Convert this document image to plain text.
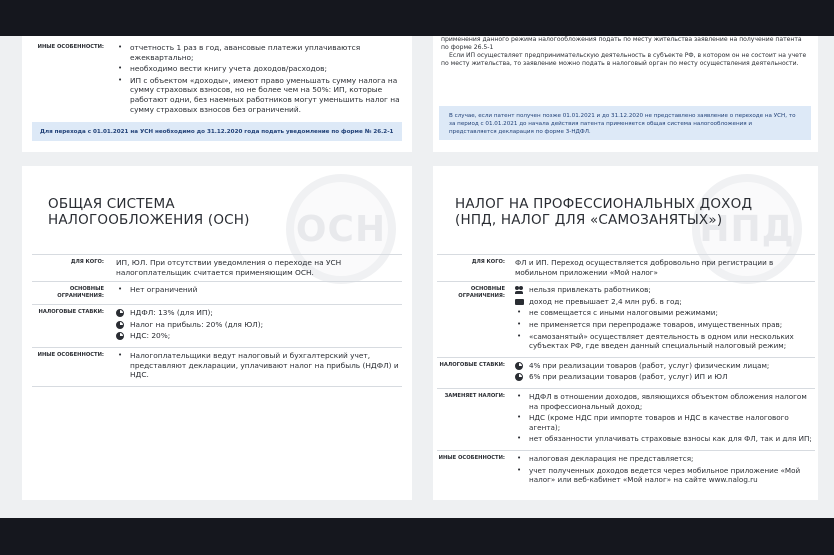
ИНЫЕ ОСОБЕННОСТИ:	• отчетность 1 раз в год, авансовые платежи уплачиваются ежеквартально;
• необходимо вести книгу учета доходов/расходов;
• ИП с объектом «доходы», имеют право уменьшать сумму налога на сумму страховых взносов, но не более чем на 50%: ИП, которые работают одни, без наемных работников могут уменьшить налог на сумму страховых взносов без ограничений.
Для перехода с 01.01.2021 на УСН необходимо до 31.12.2020 года подать уведомление по форме № 26.2-1

применения данного режима налогообложения подать по месту жительства заявление на получение патента по форме 26.5-1

Если ИП осуществляет предпринимательскую деятельность в субъекте РФ, в котором он не состоит на учете по месту жительства, то заявление можно подать в налоговый орган по месту осуществления деятельности.

В случае, если патент получен позже 01.01.2021 и до 31.12.2020 не представлено заявление о переходе на УСН, то за период с 01.01.2021 до начала действия патента применяется общая система налогообложения и представляется декларация по форме 3-НДФЛ.
ОСН
ОБЩАЯ СИСТЕМА НАЛОГООБЛОЖЕНИЯ (ОСН)
ДЛЯ КОГО:	ИП, ЮЛ. При отсутствии уведомления о переходе на УСН налогоплательщик считается применяющим ОСН.
ОСНОВНЫЕ ОГРАНИЧЕНИЯ:
• Нет ограничений
НАЛОГОВЫЕ СТАВКИ:	НДФЛ: 13% (для ИП);
Налог на прибыль: 20% (для ЮЛ);
НДС: 20%;
ИНЫЕ ОСОБЕННОСТИ:	• Налогоплательщики ведут налоговый и бухгалтерский учет, представляют декларации, уплачивают налог на прибыль (НДФЛ) и НДС.
НПД
НАЛОГ НА ПРОФЕССИОНАЛЬНЫХ ДОХОД (НПД, НАЛОГ ДЛЯ «САМОЗАНЯТЫХ»)
ДЛЯ КОГО:	ФЛ и ИП. Переход осуществляется добровольно при регистрации в мобильном приложении «Мой налог»
ОСНОВНЫЕ ОГРАНИЧЕНИЯ:
нельзя привлекать работников;
доход не превышает 2,4 млн руб. в год;
• не совмещается с иными налоговыми режимами;
• не применяется при перепродаже товаров, имущественных прав;
• «самозанятый» осуществляет деятельность в одном или нескольких субъектах РФ, где введен данный специальный налоговый режим;
НАЛОГОВЫЕ СТАВКИ:	4% при реализации товаров (работ, услуг) физическим лицам;
6% при реализации товаров (работ, услуг) ИП и ЮЛ
ЗАМЕНЯЕТ НАЛОГИ:	• НДФЛ в отношении доходов, являющихся объектом обложения налогом на профессиональный доход;
• НДС (кроме НДС при импорте товаров и НДС в качестве налогового агента);
• нет обязанности уплачивать страховые взносы как для ФЛ, так и для ИП;
ИНЫЕ ОСОБЕННОСТИ:	• налоговая декларация не представляется;
• учет полученных доходов ведется через мобильное приложение «Мой налог» или веб-кабинет «Мой налог» на сайте www.nalog.ru
